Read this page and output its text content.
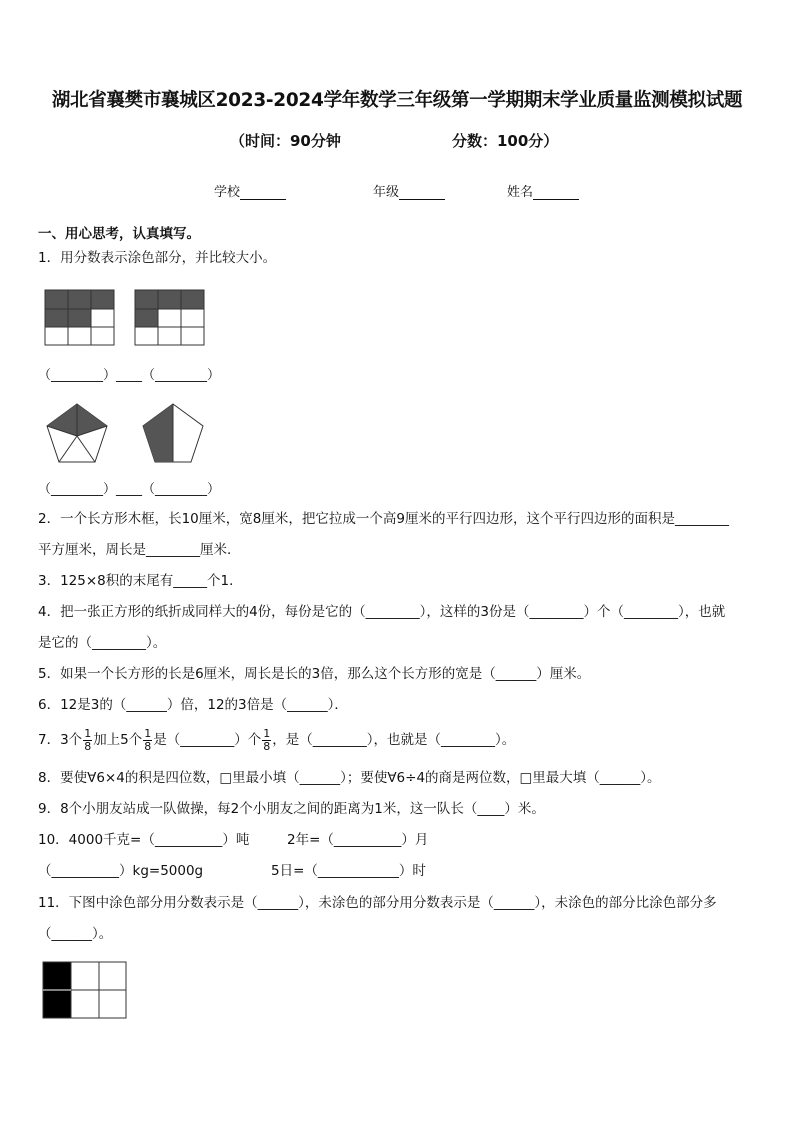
湖北省襄樊市襄城区2023-2024学年数学三年级第一学期期末学业质量监测模拟试题
（时间：90分钟	分数：100分）
学校	年级	姓名
一、用心思考，认真填写。
1．用分数表示涂色部分，并比较大小。
（________）____（________）
（________）____（________）
2．一个长方形木框，长10厘米，宽8厘米，把它拉成一个高9厘米的平行四边形，这个平行四边形的面积是________
平方厘米，周长是________厘米．
3．125×8积的末尾有_____个1．
4．把一张正方形的纸折成同样大的4份，每份是它的（________），这样的3份是（________）个（________），也就
是它的（________）。
5．如果一个长方形的长是6厘米，周长是长的3倍，那么这个长方形的宽是（______）厘米。
6．12是3的（______）倍，12的3倍是（______）．
7．3个 $\frac{1}{8}$ 加上5个 $\frac{1}{8}$ 是（________）个 $\frac{1}{8}$ ，是（________），也就是（________）。
8．要使∀6×4的积是四位数，□里最小填（______）；要使∀6÷4的商是两位数，□里最大填（______）。
9．8个小朋友站成一队做操，每2个小朋友之间的距离为1米，这一队长（____）米。
10．4000千克=（__________）吨	2年=（__________）月
（__________）kg=5000g	5日=（____________）时
11．下图中涂色部分用分数表示是（______），未涂色的部分用分数表示是（______），未涂色的部分比涂色部分多
（______）。
